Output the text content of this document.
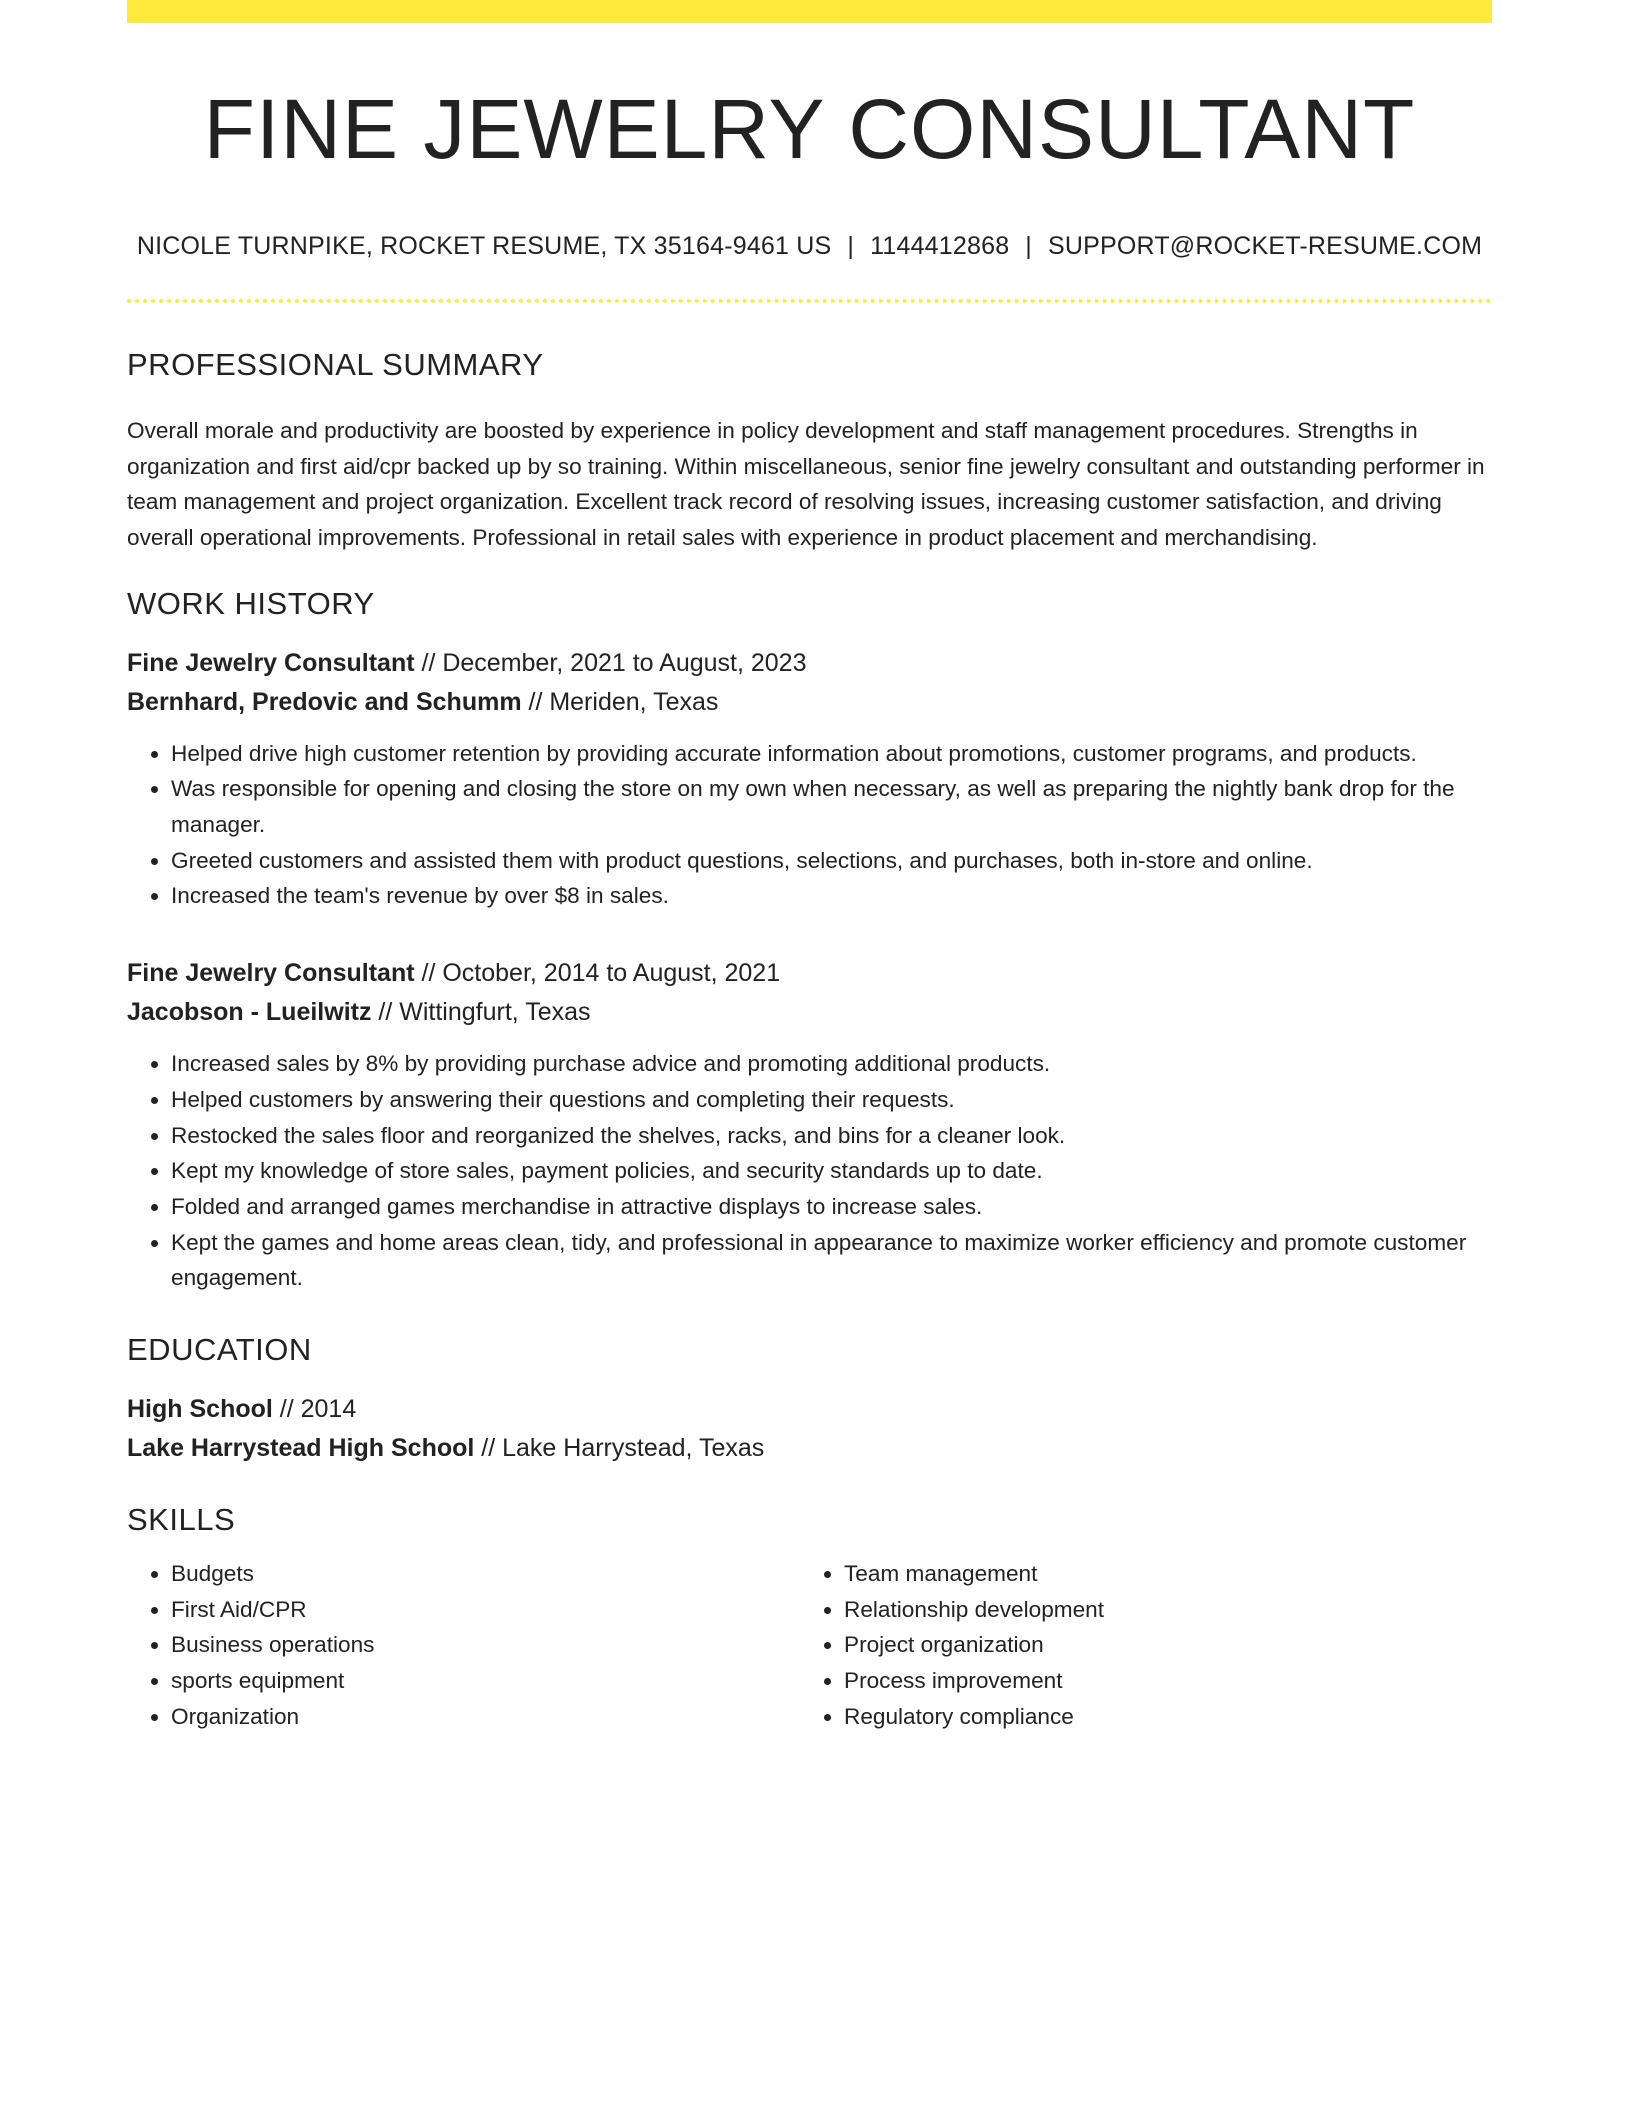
FINE JEWELRY CONSULTANT
NICOLE TURNPIKE, ROCKET RESUME, TX 35164-9461 US | 1144412868 | SUPPORT@ROCKET-RESUME.COM
PROFESSIONAL SUMMARY
Overall morale and productivity are boosted by experience in policy development and staff management procedures. Strengths in organization and first aid/cpr backed up by so training. Within miscellaneous, senior fine jewelry consultant and outstanding performer in team management and project organization. Excellent track record of resolving issues, increasing customer satisfaction, and driving overall operational improvements. Professional in retail sales with experience in product placement and merchandising.
WORK HISTORY
Fine Jewelry Consultant // December, 2021 to August, 2023
Bernhard, Predovic and Schumm // Meriden, Texas
• Helped drive high customer retention by providing accurate information about promotions, customer programs, and products.
• Was responsible for opening and closing the store on my own when necessary, as well as preparing the nightly bank drop for the manager.
• Greeted customers and assisted them with product questions, selections, and purchases, both in-store and online.
• Increased the team's revenue by over $8 in sales.
Fine Jewelry Consultant // October, 2014 to August, 2021
Jacobson - Lueilwitz // Wittingfurt, Texas
• Increased sales by 8% by providing purchase advice and promoting additional products.
• Helped customers by answering their questions and completing their requests.
• Restocked the sales floor and reorganized the shelves, racks, and bins for a cleaner look.
• Kept my knowledge of store sales, payment policies, and security standards up to date.
• Folded and arranged games merchandise in attractive displays to increase sales.
• Kept the games and home areas clean, tidy, and professional in appearance to maximize worker efficiency and promote customer engagement.
EDUCATION
High School // 2014
Lake Harrystead High School // Lake Harrystead, Texas
SKILLS
• Budgets
• First Aid/CPR
• Business operations
• sports equipment
• Organization
• Team management
• Relationship development
• Project organization
• Process improvement
• Regulatory compliance
